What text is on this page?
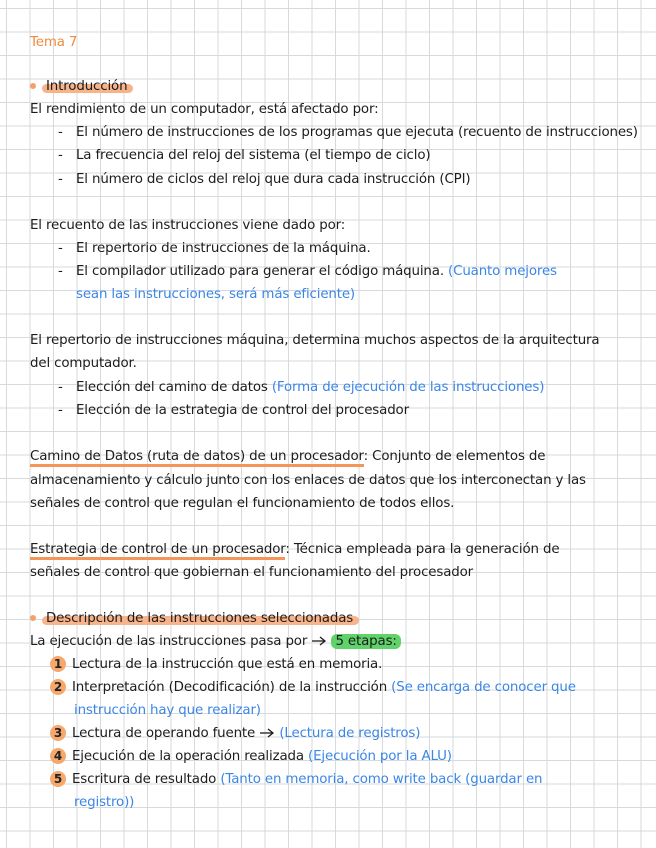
Tema 7
Introducción
El rendimiento de un computador, está afectado por:
- El número de instrucciones de los programas que ejecuta (recuento de instrucciones)
- La frecuencia del reloj del sistema (el tiempo de ciclo)
- El número de ciclos del reloj que dura cada instrucción (CPI)
El recuento de las instrucciones viene dado por:
- El repertorio de instrucciones de la máquina.
- El compilador utilizado para generar el código máquina. (Cuanto mejores
sean las instrucciones, será más eficiente)
El repertorio de instrucciones máquina, determina muchos aspectos de la arquitectura
del computador.
- Elección del camino de datos (Forma de ejecución de las instrucciones)
- Elección de la estrategia de control del procesador
Camino de Datos (ruta de datos) de un procesador: Conjunto de elementos de
almacenamiento y cálculo junto con los enlaces de datos que los interconectan y las
señales de control que regulan el funcionamiento de todos ellos.
Estrategia de control de un procesador: Técnica empleada para la generación de
señales de control que gobiernan el funcionamiento del procesador
Descripción de las instrucciones seleccionadas
La ejecución de las instrucciones pasa por 5 etapas:
1 Lectura de la instrucción que está en memoria.
2 Interpretación (Decodificación) de la instrucción (Se encarga de conocer que
instrucción hay que realizar)
3 Lectura de operando fuente (Lectura de registros)
4 Ejecución de la operación realizada (Ejecución por la ALU)
5 Escritura de resultado (Tanto en memoria, como write back (guardar en
registro))
